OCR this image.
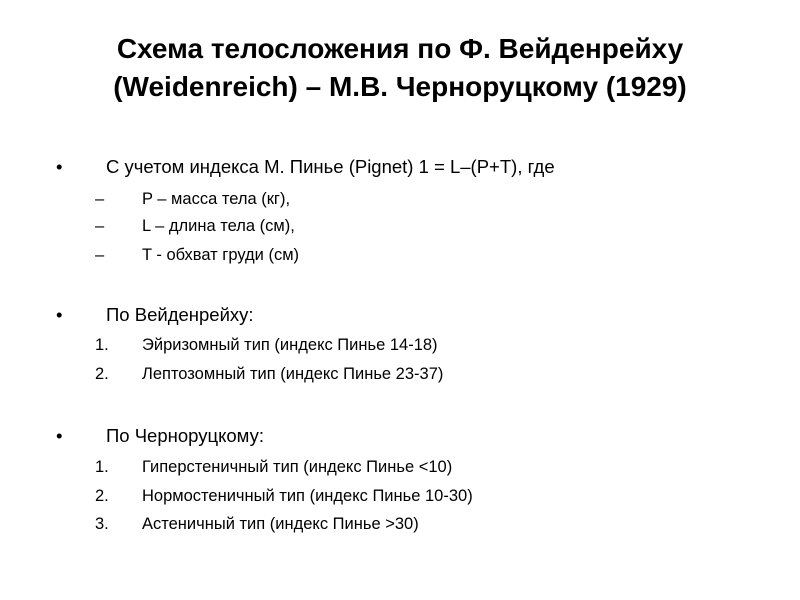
Схема телосложения по Ф. Вейденрейху
(Weidenreich) – М.В. Черноруцкому (1929)
• С учетом индекса М. Пинье (Pignet) 1 = L–(P+T), где
– P – масса тела (кг),
– L – длина тела (см),
– T - обхват груди (см)
• По Вейденрейху:
1. Эйризомный тип (индекс Пинье 14-18)
2. Лептозомный тип (индекс Пинье 23-37)
• По Черноруцкому:
1. Гиперстеничный тип (индекс Пинье <10)
2. Нормостеничный тип (индекс Пинье 10-30)
3. Астеничный тип (индекс Пинье >30)
